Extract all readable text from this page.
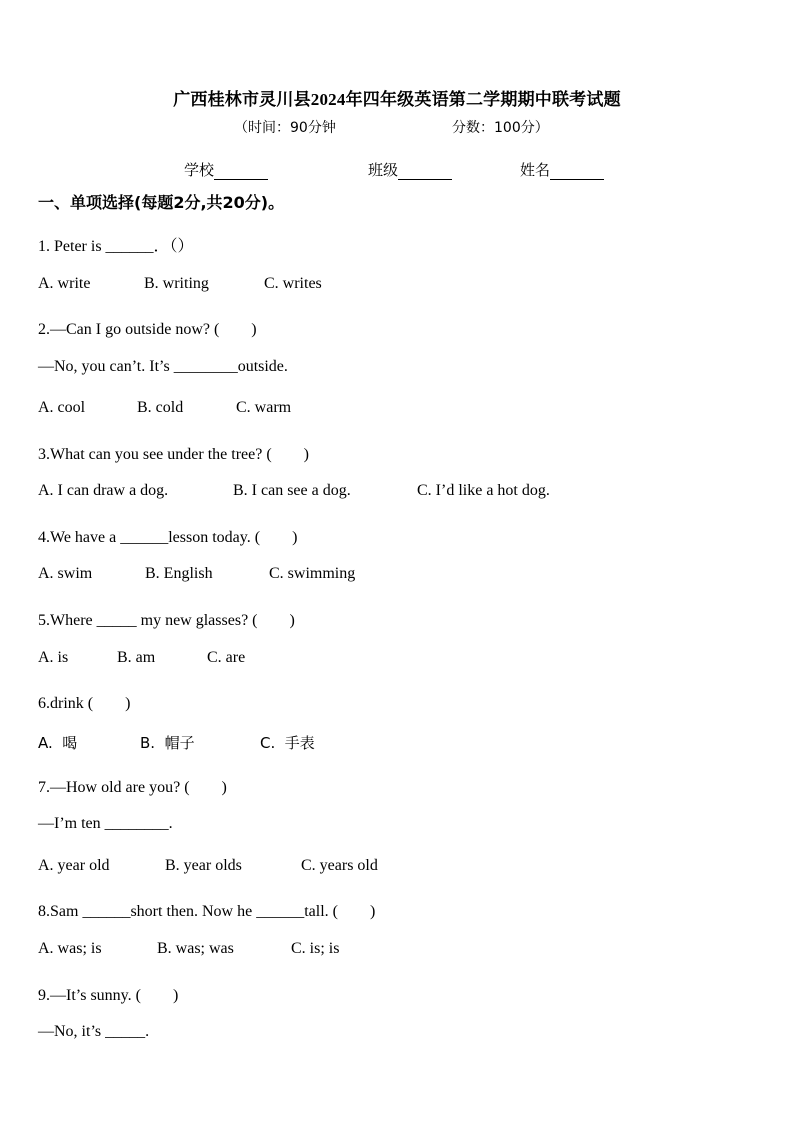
广西桂林市灵川县2024年四年级英语第二学期期中联考试题
（时间：90分钟	分数：100分）
学校	班级	姓名
一、单项选择(每题2分,共20分)。
1. Peter is ______．（）
A. write	B. writing	C. writes
2.—Can I go outside now? (　　)
—No, you can’t. It’s ________outside.
A. cool	B. cold	C. warm
3.What can you see under the tree? (　　)
A. I can draw a dog.	B. I can see a dog.	C. I’d like a hot dog.
4.We have a ______lesson today. (　　)
A. swim	B. English	C. swimming
5.Where _____ my new glasses? (　　)
A. is	B. am	C. are
6.drink (　　)
A.  喝	B.  帽子	C.  手表
7.—How old are you? (　　)
—I’m ten ________.
A. year old	B. year olds	C. years old
8.Sam ______short then. Now he ______tall. (　　)
A. was; is	B. was; was	C. is; is
9.—It’s sunny. (　　)
—No, it’s _____.
